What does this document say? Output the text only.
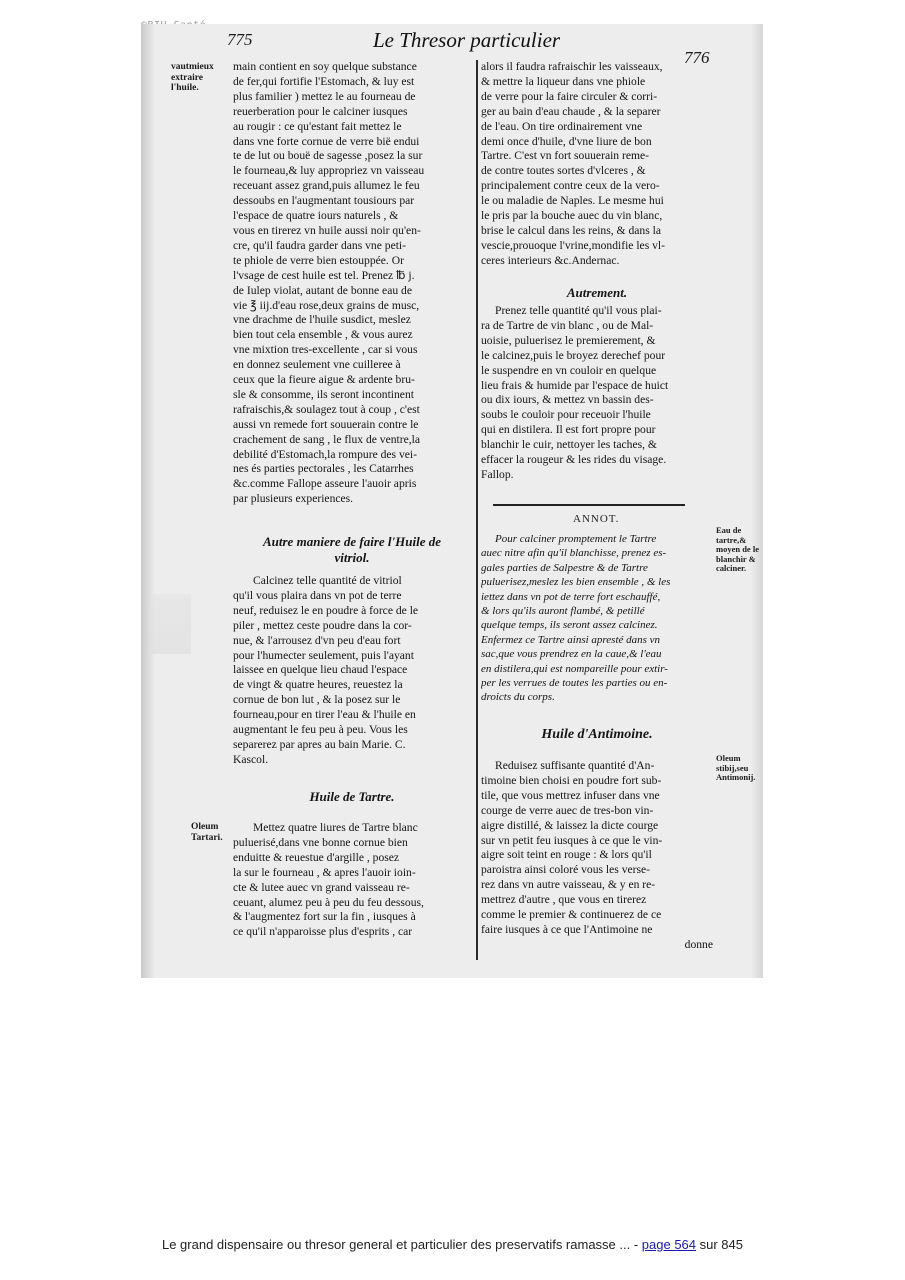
775	Le Thresor particulier
776
vautmieux extraire l'huile.
Oleum Tartari.
main contient en soy quelque substance
de fer,qui fortifie l'Estomach, & luy est
plus familier ) mettez le au fourneau de
reuerberation pour le calciner iusques
au rougir : ce qu'estant fait mettez le
dans vne forte cornue de verre bië endui
te de lut ou bouë de sagesse ,posez la sur
le fourneau,& luy appropriez vn vaisseau
receuant assez grand,puis allumez le feu
dessoubs en l'augmentant tousiours par
l'espace de quatre iours naturels , &
vous en tirerez vn huile aussi noir qu'en-
cre, qu'il faudra garder dans vne peti-
te phiole de verre bien estouppée. Or
l'vsage de cest huile est tel. Prenez ℔ j.
de Iulep violat, autant de bonne eau de
vie ℥ iij.d'eau rose,deux grains de musc,
vne drachme de l'huile susdict, meslez
bien tout cela ensemble , & vous aurez
vne mixtion tres-excellente , car si vous
en donnez seulement vne cuilleree à
ceux que la fieure aigue & ardente bru-
sle & consomme, ils seront incontinent
rafraischis,& soulagez tout à coup , c'est
aussi vn remede fort souuerain contre le
crachement de sang , le flux de ventre,la
debilité d'Estomach,la rompure des vei-
nes és parties pectorales , les Catarrhes
&c.comme Fallope asseure l'auoir apris
par plusieurs experiences.
Autre maniere de faire l'Huile de
vitriol.
Calcinez telle quantité de vitriol
qu'il vous plaira dans vn pot de terre
neuf, reduisez le en poudre à force de le
piler , mettez ceste poudre dans la cor-
nue, & l'arrousez d'vn peu d'eau fort
pour l'humecter seulement, puis l'ayant
laissee en quelque lieu chaud l'espace
de vingt & quatre heures, reuestez la
cornue de bon lut , & la posez sur le
fourneau,pour en tirer l'eau & l'huile en
augmentant le feu peu à peu. Vous les
separerez par apres au bain Marie. C.
Kascol.
Huile de Tartre.
Mettez quatre liures de Tartre blanc
puluerisé,dans vne bonne cornue bien
enduitte & reuestue d'argille , posez
la sur le fourneau , & apres l'auoir ioin-
cte & lutee auec vn grand vaisseau re-
ceuant, alumez peu à peu du feu dessous,
& l'augmentez fort sur la fin , iusques à
ce qu'il n'apparoisse plus d'esprits , car
alors il faudra rafraischir les vaisseaux,
& mettre la liqueur dans vne phiole
de verre pour la faire circuler & corri-
ger au bain d'eau chaude , & la separer
de l'eau. On tire ordinairement vne
demi once d'huile, d'vne liure de bon
Tartre. C'est vn fort souuerain reme-
de contre toutes sortes d'vlceres , &
principalement contre ceux de la vero-
le ou maladie de Naples. Le mesme hui
le pris par la bouche auec du vin blanc,
brise le calcul dans les reins, & dans la
vescie,prouoque l'vrine,mondifie les vl-
ceres interieurs &c.Andernac.
Autrement.
Prenez telle quantité qu'il vous plai-
ra de Tartre de vin blanc , ou de Mal-
uoisie, puluerisez le premierement, &
le calcinez,puis le broyez derechef pour
le suspendre en vn couloir en quelque
lieu frais & humide par l'espace de huict
ou dix iours, & mettez vn bassin des-
soubs le couloir pour receuoir l'huile
qui en distilera. Il est fort propre pour
blanchir le cuir, nettoyer les taches, &
effacer la rougeur & les rides du visage.
Fallop.
ANNOT.
Eau de tartre,& moyen de le blanchir & calciner.
Pour calciner promptement le Tartre
auec nitre afin qu'il blanchisse, prenez es-
gales parties de Salpestre & de Tartre
puluerisez,meslez les bien ensemble , & les
iettez dans vn pot de terre fort eschauffé,
& lors qu'ils auront flambé, & petillé
quelque temps, ils seront assez calcinez.
Enfermez ce Tartre ainsi apresté dans vn
sac,que vous prendrez en la caue,& l'eau
en distilera,qui est nompareille pour extir-
per les verrues de toutes les parties ou en-
droicts du corps.
Huile d'Antimoine.
Oleum stibij,seu Antimonij.
Reduisez suffisante quantité d'An-
timoine bien choisi en poudre fort sub-
tile, que vous mettrez infuser dans vne
courge de verre auec de tres-bon vin-
aigre distillé, & laissez la dicte courge
sur vn petit feu iusques à ce que le vin-
aigre soit teint en rouge : & lors qu'il
paroistra ainsi coloré vous les verse-
rez dans vn autre vaisseau, & y en re-
mettrez d'autre , que vous en tirerez
comme le premier & continuerez de ce
faire iusques à ce que l'Antimoine ne
donne
Le grand dispensaire ou thresor general et particulier des preservatifs ramasse ... - page 564 sur 845
